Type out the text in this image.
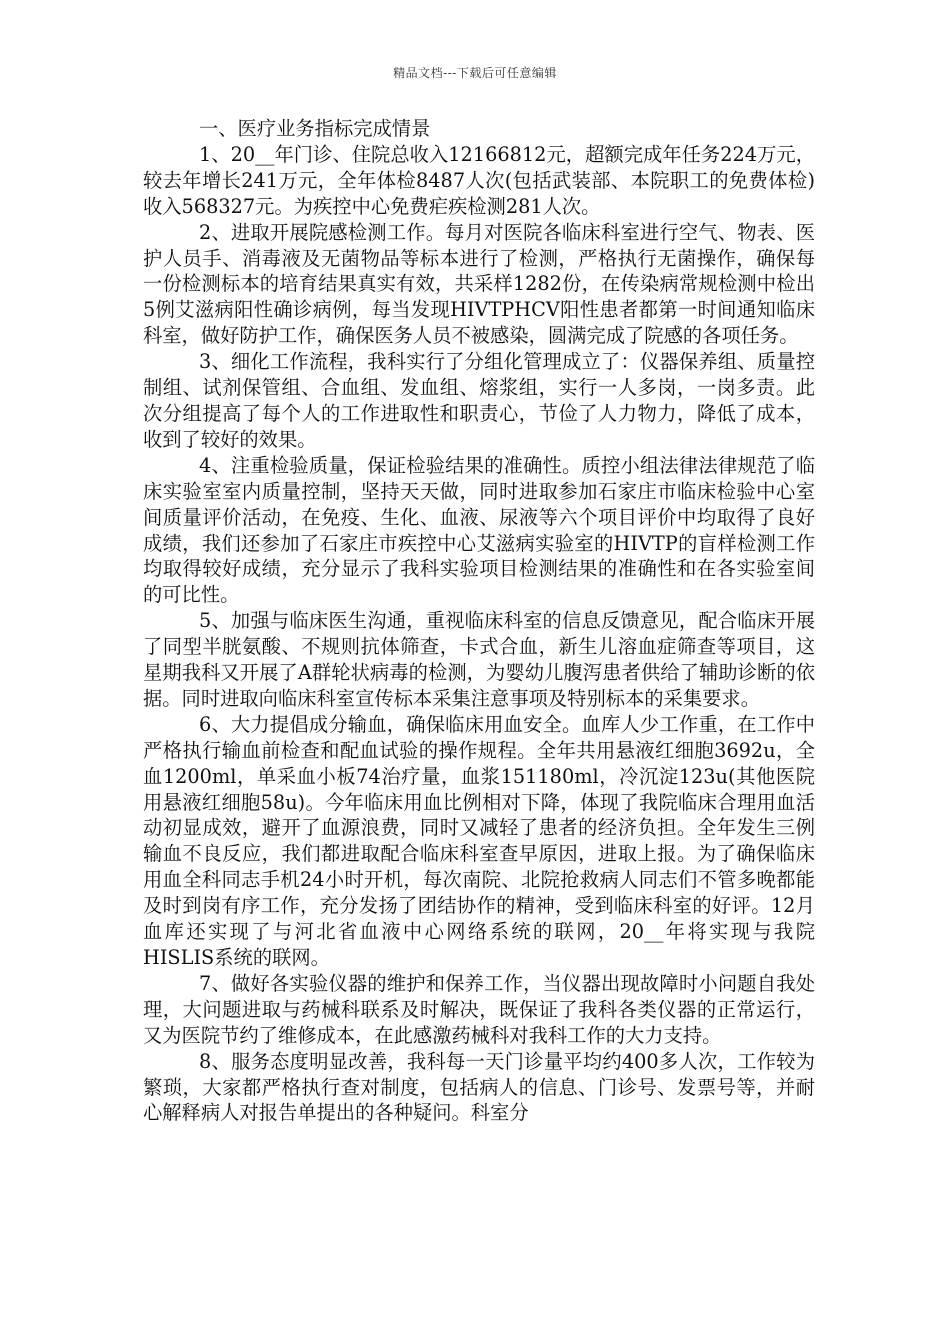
精品文档---下载后可任意编辑
一、医疗业务指标完成情景

1、20__年门诊、住院总收入12166812元，超额完成年任务224万元，较去年增长241万元，全年体检8487人次(包括武装部、本院职工的免费体检)收入568327元。为疾控中心免费疟疾检测281人次。

2、进取开展院感检测工作。每月对医院各临床科室进行空气、物表、医护人员手、消毒液及无菌物品等标本进行了检测，严格执行无菌操作，确保每一份检测标本的培育结果真实有效，共采样1282份，在传染病常规检测中检出5例艾滋病阳性确诊病例，每当发现HIVTPHCV阳性患者都第一时间通知临床科室，做好防护工作，确保医务人员不被感染，圆满完成了院感的各项任务。

3、细化工作流程，我科实行了分组化管理成立了：仪器保养组、质量控制组、试剂保管组、合血组、发血组、熔浆组，实行一人多岗，一岗多责。此次分组提高了每个人的工作进取性和职责心，节俭了人力物力，降低了成本，收到了较好的效果。

4、注重检验质量，保证检验结果的准确性。质控小组法律法律规范了临床实验室室内质量控制，坚持天天做，同时进取参加石家庄市临床检验中心室间质量评价活动，在免疫、生化、血液、尿液等六个项目评价中均取得了良好成绩，我们还参加了石家庄市疾控中心艾滋病实验室的HIVTP的盲样检测工作均取得较好成绩，充分显示了我科实验项目检测结果的准确性和在各实验室间的可比性。

5、加强与临床医生沟通，重视临床科室的信息反馈意见，配合临床开展了同型半胱氨酸、不规则抗体筛查，卡式合血，新生儿溶血症筛查等项目，这星期我科又开展了A群轮状病毒的检测，为婴幼儿腹泻患者供给了辅助诊断的依据。同时进取向临床科室宣传标本采集注意事项及特别标本的采集要求。

6、大力提倡成分输血，确保临床用血安全。血库人少工作重，在工作中严格执行输血前检查和配血试验的操作规程。全年共用悬液红细胞3692u，全血1200ml，单采血小板74治疗量，血浆151180ml，冷沉淀123u(其他医院用悬液红细胞58u)。今年临床用血比例相对下降，体现了我院临床合理用血活动初显成效，避开了血源浪费，同时又减轻了患者的经济负担。全年发生三例输血不良反应，我们都进取配合临床科室查早原因，进取上报。为了确保临床用血全科同志手机24小时开机，每次南院、北院抢救病人同志们不管多晚都能及时到岗有序工作，充分发扬了团结协作的精神，受到临床科室的好评。12月血库还实现了与河北省血液中心网络系统的联网，20__年将实现与我院HISLIS系统的联网。

7、做好各实验仪器的维护和保养工作，当仪器出现故障时小问题自我处理，大问题进取与药械科联系及时解决，既保证了我科各类仪器的正常运行，又为医院节约了维修成本，在此感激药械科对我科工作的大力支持。

8、服务态度明显改善，我科每一天门诊量平均约400多人次，工作较为繁琐，大家都严格执行查对制度，包括病人的信息、门诊号、发票号等，并耐心解释病人对报告单提出的各种疑问。科室分
